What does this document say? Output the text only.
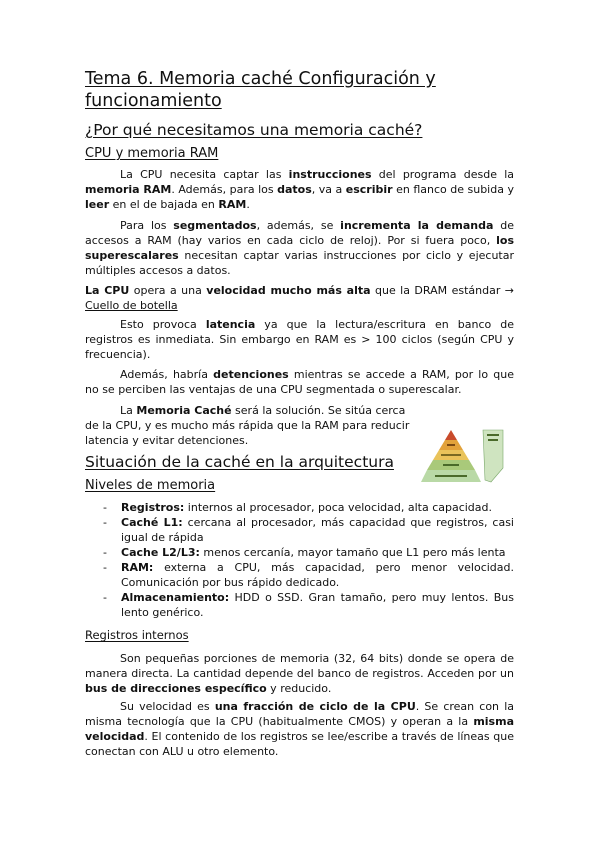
Tema 6. Memoria caché Configuración y funcionamiento
¿Por qué necesitamos una memoria caché?
CPU y memoria RAM

La CPU necesita captar las instrucciones del programa desde la memoria RAM. Además, para los datos, va a escribir en flanco de subida y leer en el de bajada en RAM.

Para los segmentados, además, se incrementa la demanda de accesos a RAM (hay varios en cada ciclo de reloj). Por si fuera poco, los superescalares necesitan captar varias instrucciones por ciclo y ejecutar múltiples accesos a datos.

La CPU opera a una velocidad mucho más alta que la DRAM estándar → Cuello de botella

Esto provoca latencia ya que la lectura/escritura en banco de registros es inmediata. Sin embargo en RAM es > 100 ciclos (según CPU y frecuencia).

Además, habría detenciones mientras se accede a RAM, por lo que no se perciben las ventajas de una CPU segmentada o superescalar.

La Memoria Caché será la solución. Se sitúa cerca de la CPU, y es mucho más rápida que la RAM para reducir latencia y evitar detenciones.

Situación de la caché en la arquitectura
Niveles de memoria
- Registros: internos al procesador, poca velocidad, alta capacidad.
- Caché L1: cercana al procesador, más capacidad que registros, casi igual de rápida
- Cache L2/L3: menos cercanía, mayor tamaño que L1 pero más lenta
- RAM: externa a CPU, más capacidad, pero menor velocidad. Comunicación por bus rápido dedicado.
- Almacenamiento: HDD o SSD. Gran tamaño, pero muy lentos. Bus lento genérico.
Registros internos

Son pequeñas porciones de memoria (32, 64 bits) donde se opera de manera directa. La cantidad depende del banco de registros. Acceden por un bus de direcciones específico y reducido.

Su velocidad es una fracción de ciclo de la CPU. Se crean con la misma tecnología que la CPU (habitualmente CMOS) y operan a la misma velocidad. El contenido de los registros se lee/escribe a través de líneas que conectan con ALU u otro elemento.
